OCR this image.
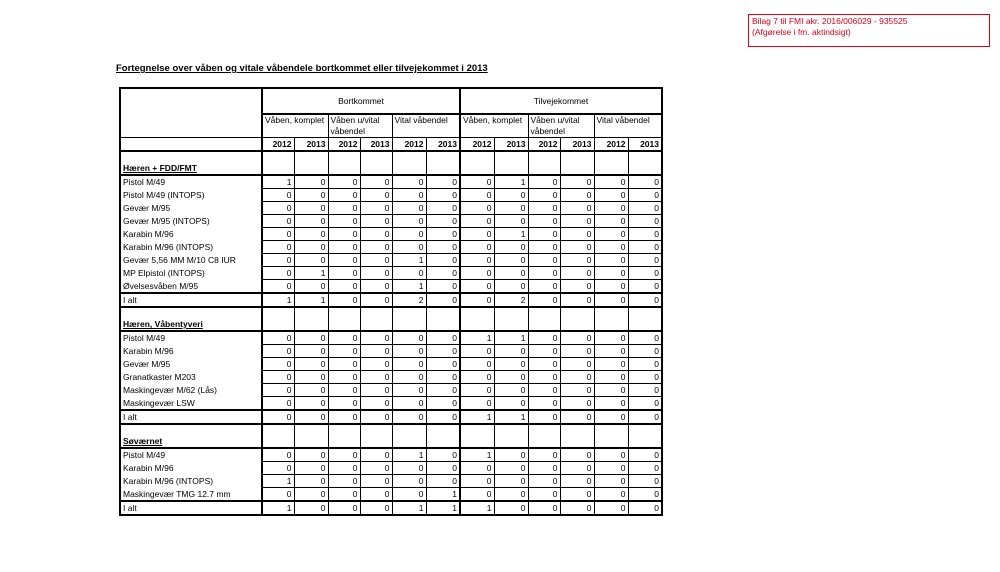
Bilag 7 til FMI akr. 2016/006029 - 935525
(Afgørelse i fm. aktindsigt)
Fortegnelse over våben og vitale våbendele bortkommet eller tilvejekommet i 2013
	Bortkommet						Tilvejekommet					
	Våben, komplet		Våben u/vital våbendel		Vital våbendel		Våben, komplet		Våben u/vital våbendel		Vital våbendel	
	2012	2013	2012	2013	2012	2013	2012	2013	2012	2013	2012	2013

Hæren + FDD/FMT												
Pistol M/49	1	0	0	0	0	0	0	1	0	0	0	0
Pistol M/49 (INTOPS)	0	0	0	0	0	0	0	0	0	0	0	0
Gevær M/95	0	0	0	0	0	0	0	0	0	0	0	0
Gevær M/95 (INTOPS)	0	0	0	0	0	0	0	0	0	0	0	0
Karabin M/96	0	0	0	0	0	0	0	1	0	0	0	0
Karabin M/96 (INTOPS)	0	0	0	0	0	0	0	0	0	0	0	0
Gevær 5,56 MM M/10 C8 IUR	0	0	0	0	1	0	0	0	0	0	0	0
MP Elpistol (INTOPS)	0	1	0	0	0	0	0	0	0	0	0	0
Øvelsesvåben M/95	0	0	0	0	1	0	0	0	0	0	0	0
I alt	1	1	0	0	2	0	0	2	0	0	0	0

Hæren, Våbentyveri												
Pistol M/49	0	0	0	0	0	0	1	1	0	0	0	0
Karabin M/96	0	0	0	0	0	0	0	0	0	0	0	0
Gevær M/95	0	0	0	0	0	0	0	0	0	0	0	0
Granatkaster M203	0	0	0	0	0	0	0	0	0	0	0	0
Maskingevær M/62 (Lås)	0	0	0	0	0	0	0	0	0	0	0	0
Maskingevær LSW	0	0	0	0	0	0	0	0	0	0	0	0
I alt	0	0	0	0	0	0	1	1	0	0	0	0

Søværnet												
Pistol M/49	0	0	0	0	1	0	1	0	0	0	0	0
Karabin M/96	0	0	0	0	0	0	0	0	0	0	0	0
Karabin M/96 (INTOPS)	1	0	0	0	0	0	0	0	0	0	0	0
Maskingevær TMG 12.7 mm	0	0	0	0	0	1	0	0	0	0	0	0
I alt	1	0	0	0	1	1	1	0	0	0	0	0
